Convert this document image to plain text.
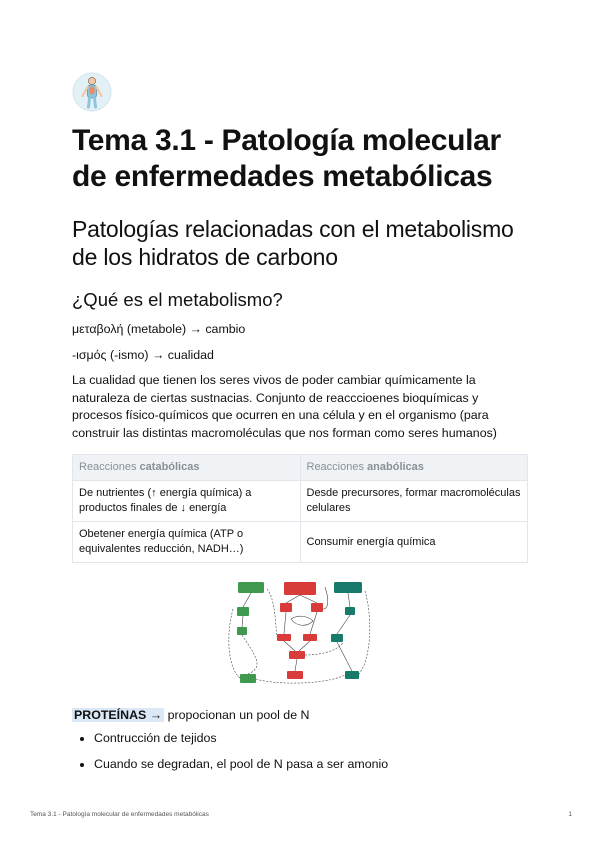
Tema 3.1 - Patología molecular de enfermedades metabólicas
Patologías relacionadas con el metabolismo de los hidratos de carbono
¿Qué es el metabolismo?

μεταβολή (metabole) → cambio

-ισμός (-ismo) → cualidad

La cualidad que tienen los seres vivos de poder cambiar químicamente la naturaleza de ciertas sustnacias. Conjunto de reacccioenes bioquímicas y procesos físico-químicos que ocurren en una célula y en el organismo (para construir las distintas macromoléculas que nos forman como seres humanos)

Reacciones catabólicas	Reacciones anabólicas
De nutrientes (↑ energía química) a productos finales de ↓ energía	Desde precursores, formar macromoléculas celulares
Obetener energía química (ATP o equivalentes reducción, NADH…)	Consumir energía química

PROTEÍNAS → propocionan un pool de N

• Contrucción de tejidos
• Cuando se degradan, el pool de N pasa a ser amonio
Tema 3.1 - Patología molecular de enfermedades metabólicas	1
